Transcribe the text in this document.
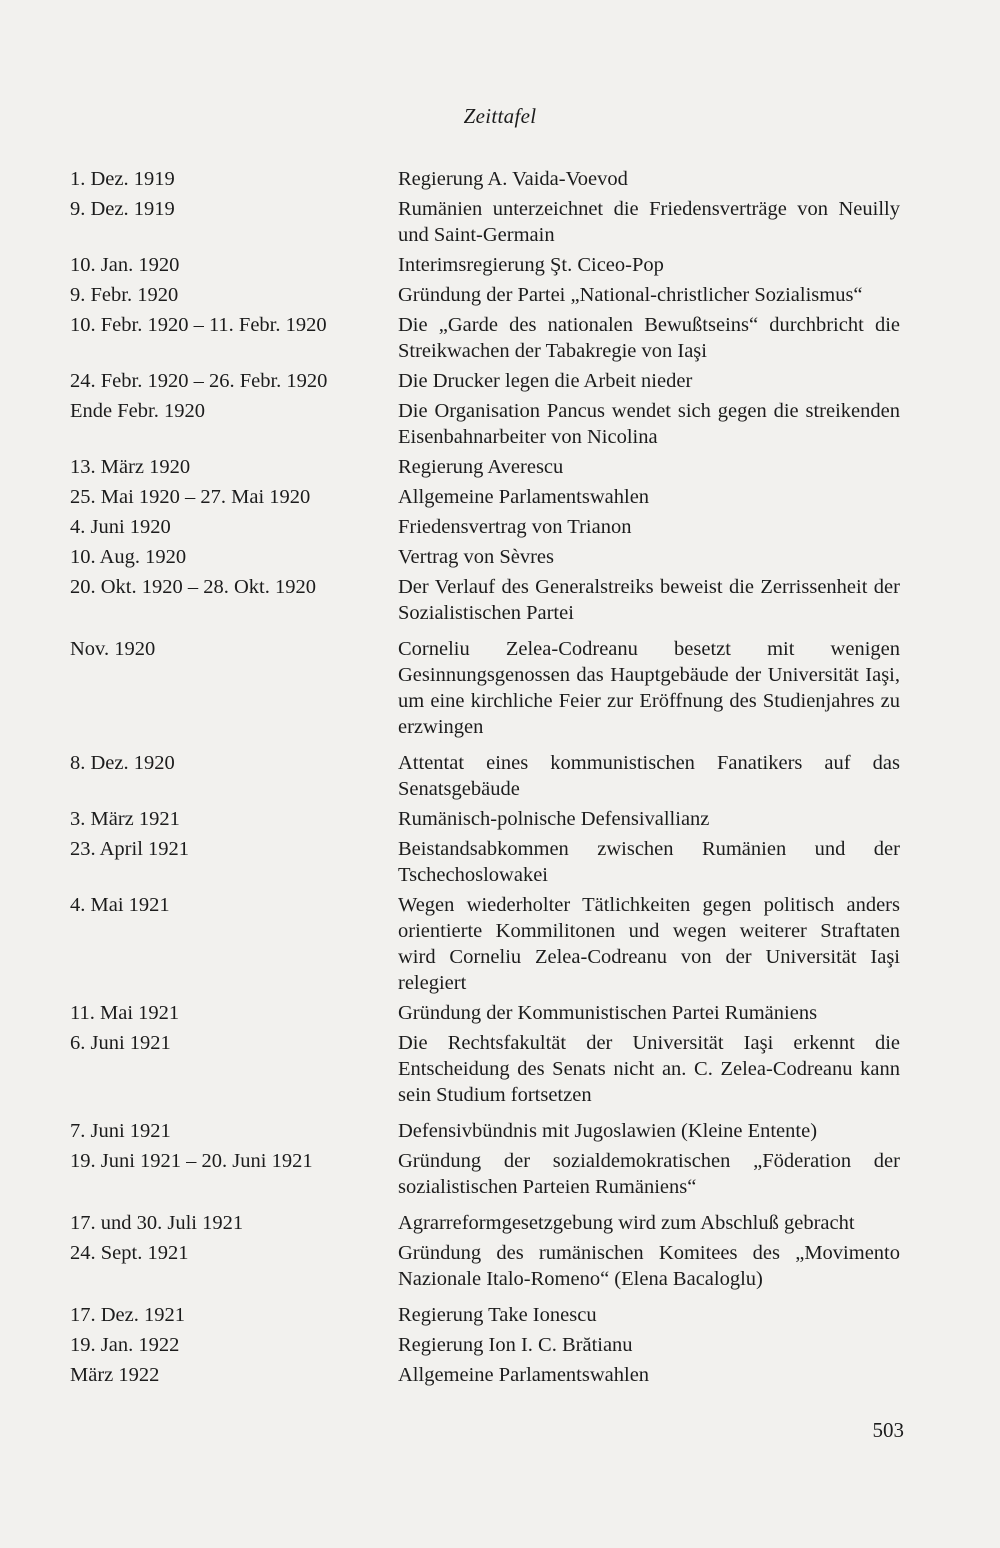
Zeittafel
1. Dez. 1919	Regierung A. Vaida-Voevod
9. Dez. 1919	Rumänien unterzeichnet die Friedensverträge von Neuilly und Saint-Germain
10. Jan. 1920	Interimsregierung Şt. Ciceo-Pop
9. Febr. 1920	Gründung der Partei „National-christlicher Sozialismus“
10. Febr. 1920 – 11. Febr. 1920	Die „Garde des nationalen Bewußtseins“ durchbricht die Streikwachen der Tabakregie von Iaşi
24. Febr. 1920 – 26. Febr. 1920	Die Drucker legen die Arbeit nieder
Ende Febr. 1920	Die Organisation Pancus wendet sich gegen die streikenden Eisenbahnarbeiter von Nicolina
13. März 1920	Regierung Averescu
25. Mai 1920 – 27. Mai 1920	Allgemeine Parlamentswahlen
4. Juni 1920	Friedensvertrag von Trianon
10. Aug. 1920	Vertrag von Sèvres
20. Okt. 1920 – 28. Okt. 1920	Der Verlauf des Generalstreiks beweist die Zerrissenheit der Sozialistischen Partei
Nov. 1920	Corneliu Zelea-Codreanu besetzt mit wenigen Gesinnungsgenossen das Hauptgebäude der Universität Iaşi, um eine kirchliche Feier zur Eröffnung des Studienjahres zu erzwingen
8. Dez. 1920	Attentat eines kommunistischen Fanatikers auf das Senatsgebäude
3. März 1921	Rumänisch-polnische Defensivallianz
23. April 1921	Beistandsabkommen zwischen Rumänien und der Tschechoslowakei
4. Mai 1921	Wegen wiederholter Tätlichkeiten gegen politisch anders orientierte Kommilitonen und wegen weiterer Straftaten wird Corneliu Zelea-Codreanu von der Universität Iaşi relegiert
11. Mai 1921	Gründung der Kommunistischen Partei Rumäniens
6. Juni 1921	Die Rechtsfakultät der Universität Iaşi erkennt die Entscheidung des Senats nicht an. C. Zelea-Codreanu kann sein Studium fortsetzen
7. Juni 1921	Defensivbündnis mit Jugoslawien (Kleine Entente)
19. Juni 1921 – 20. Juni 1921	Gründung der sozialdemokratischen „Föderation der sozialistischen Parteien Rumäniens“
17. und 30. Juli 1921	Agrarreformgesetzgebung wird zum Abschluß gebracht
24. Sept. 1921	Gründung des rumänischen Komitees des „Movimento Nazionale Italo-Romeno“ (Elena Bacaloglu)
17. Dez. 1921	Regierung Take Ionescu
19. Jan. 1922	Regierung Ion I. C. Brătianu
März 1922	Allgemeine Parlamentswahlen
503
